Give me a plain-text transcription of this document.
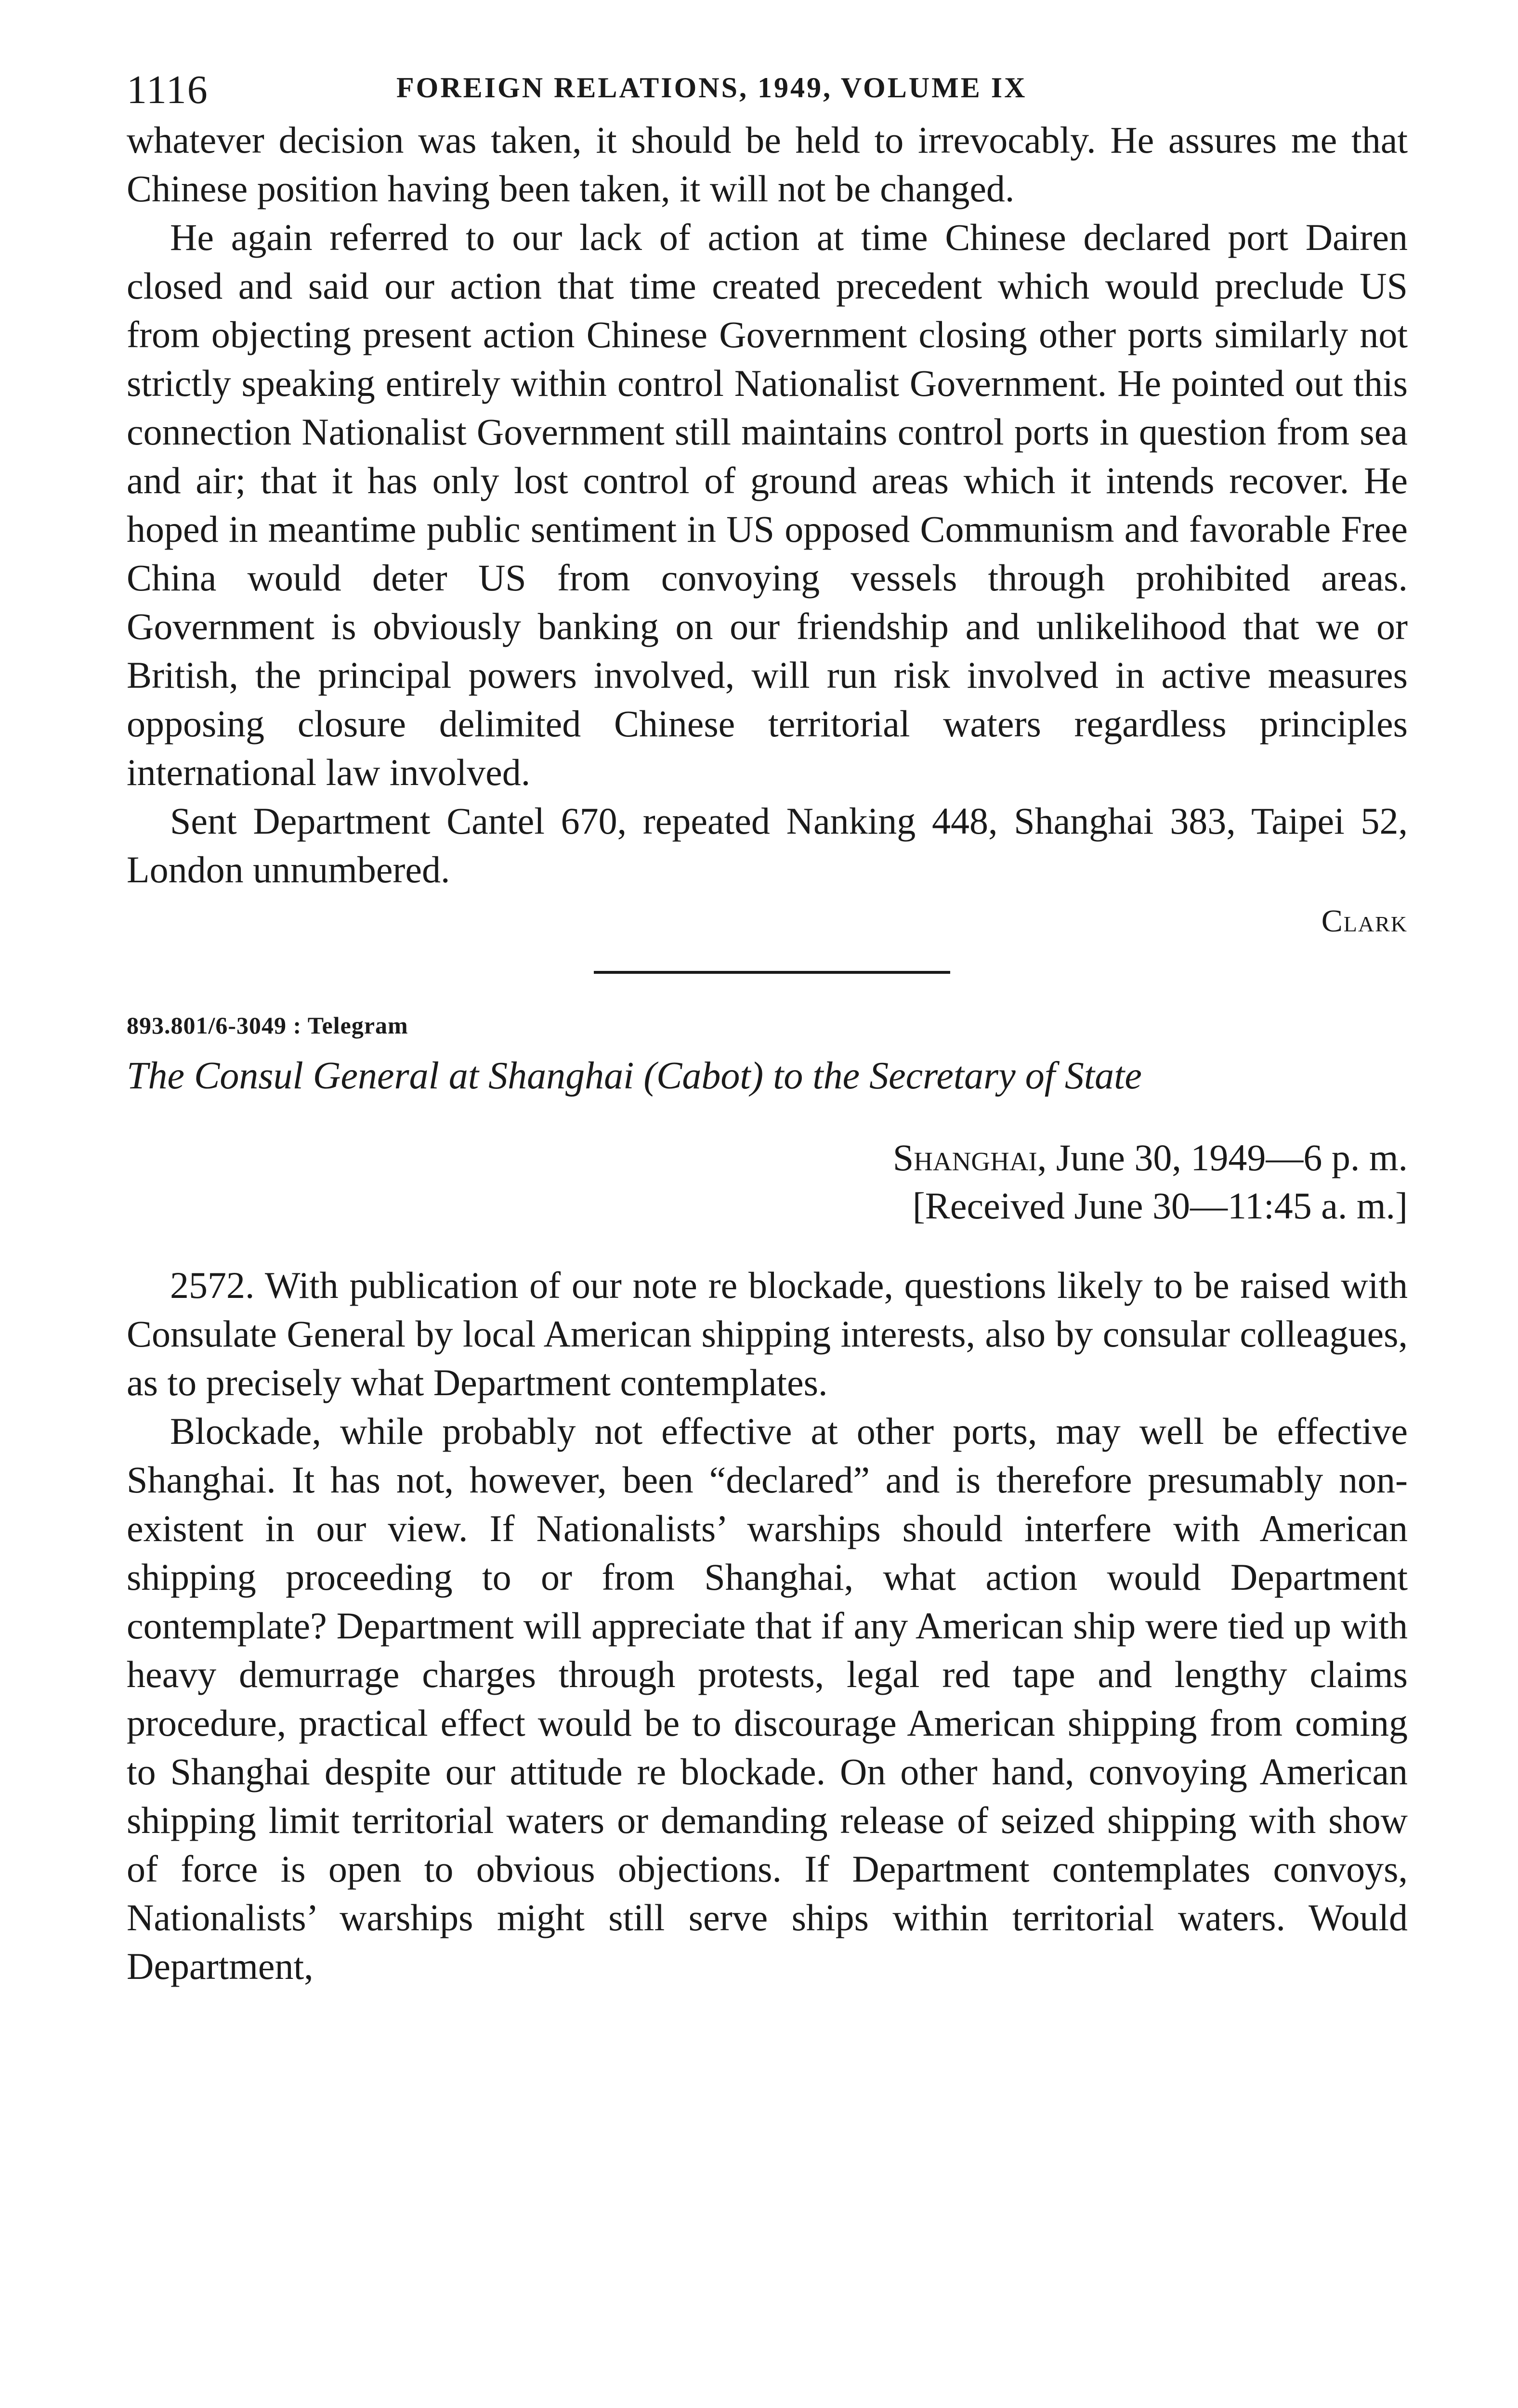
1116	FOREIGN RELATIONS, 1949, VOLUME IX

whatever decision was taken, it should be held to irrevocably. He assures me that Chinese position having been taken, it will not be changed.

He again referred to our lack of action at time Chinese declared port Dairen closed and said our action that time created precedent which would preclude US from objecting present action Chinese Government closing other ports similarly not strictly speaking entirely within control Nationalist Government. He pointed out this connection Nationalist Government still maintains control ports in question from sea and air; that it has only lost control of ground areas which it intends recover. He hoped in meantime public sentiment in US opposed Communism and favorable Free China would deter US from convoying vessels through prohibited areas. Government is obviously banking on our friendship and unlikelihood that we or British, the principal powers involved, will run risk involved in active measures opposing closure delimited Chinese territorial waters regardless principles international law involved.

Sent Department Cantel 670, repeated Nanking 448, Shanghai 383, Taipei 52, London unnumbered.

Clark
893.801/6-3049 : Telegram
The Consul General at Shanghai (Cabot) to the Secretary of State
Shanghai, June 30, 1949—6 p. m.
[Received June 30—11:45 a. m.]

2572. With publication of our note re blockade, questions likely to be raised with Consulate General by local American shipping interests, also by consular colleagues, as to precisely what Department contemplates.

Blockade, while probably not effective at other ports, may well be effective Shanghai. It has not, however, been “declared” and is therefore presumably non-existent in our view. If Nationalists’ warships should interfere with American shipping proceeding to or from Shanghai, what action would Department contemplate? Department will appreciate that if any American ship were tied up with heavy demurrage charges through protests, legal red tape and lengthy claims procedure, practical effect would be to discourage American shipping from coming to Shanghai despite our attitude re blockade. On other hand, convoying American shipping limit territorial waters or demanding release of seized shipping with show of force is open to obvious objections. If Department contemplates convoys, Nationalists’ warships might still serve ships within territorial waters. Would Department,
